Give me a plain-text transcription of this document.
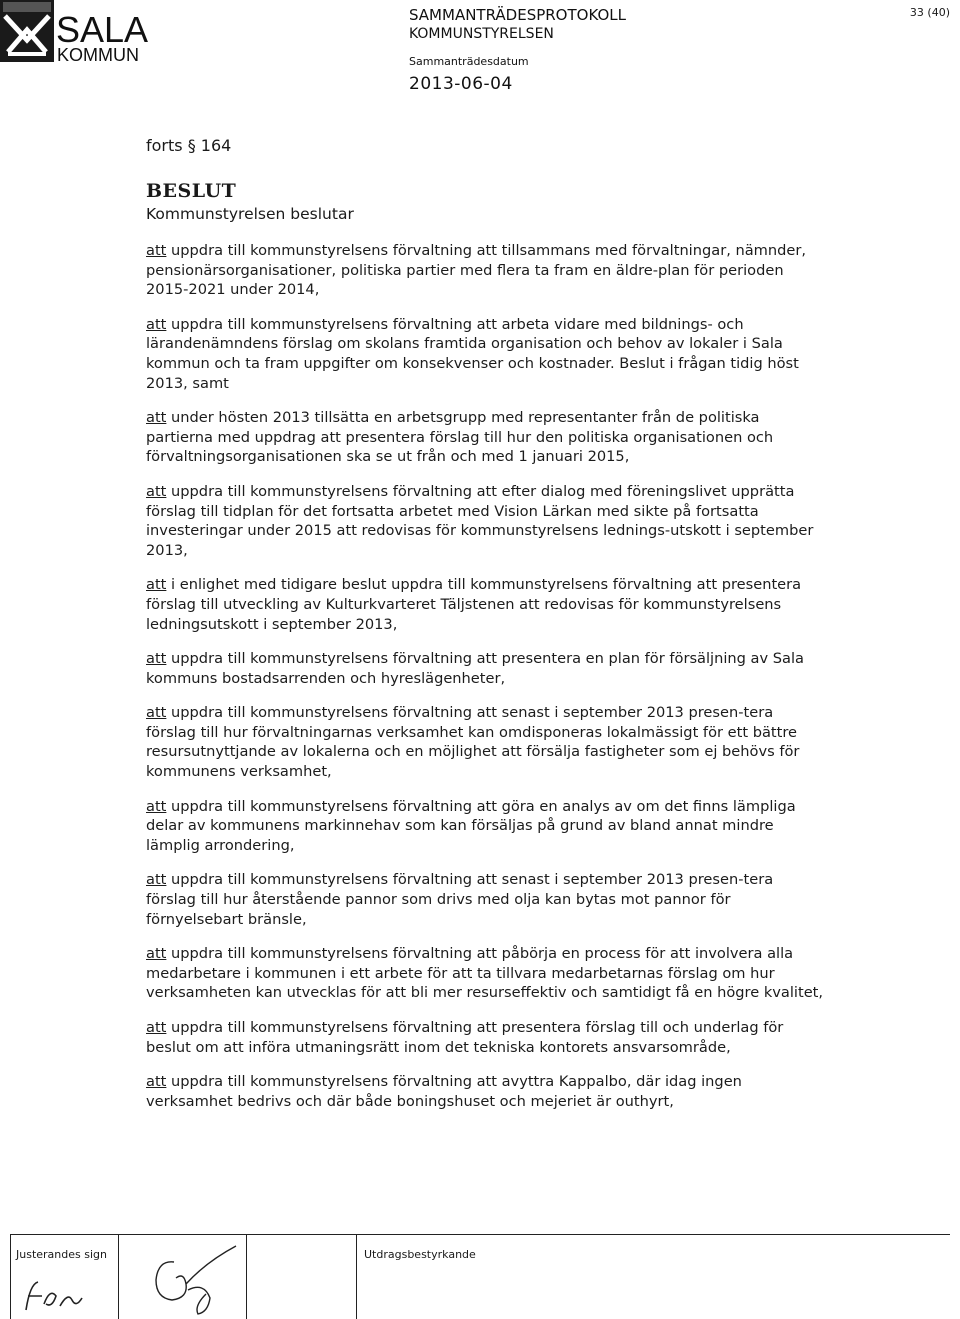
SALA
KOMMUN
SAMMANTRÄDESPROTOKOLL
KOMMUNSTYRELSEN
Sammanträdesdatum
2013-06-04
33 (40)
forts § 164
BESLUT
Kommunstyrelsen beslutar

att uppdra till kommunstyrelsens förvaltning att tillsammans med förvaltningar, nämnder, pensionärsorganisationer, politiska partier med flera ta fram en äldre-plan för perioden 2015-2021 under 2014,

att uppdra till kommunstyrelsens förvaltning att arbeta vidare med bildnings- och lärandenämndens förslag om skolans framtida organisation och behov av lokaler i Sala kommun och ta fram uppgifter om konsekvenser och kostnader. Beslut i frågan tidig höst 2013, samt

att under hösten 2013 tillsätta en arbetsgrupp med representanter från de politiska partierna med uppdrag att presentera förslag till hur den politiska organisationen och förvaltningsorganisationen ska se ut från och med 1 januari 2015,

att uppdra till kommunstyrelsens förvaltning att efter dialog med föreningslivet upprätta förslag till tidplan för det fortsatta arbetet med Vision Lärkan med sikte på fortsatta investeringar under 2015 att redovisas för kommunstyrelsens lednings-utskott i september 2013,

att i enlighet med tidigare beslut uppdra till kommunstyrelsens förvaltning att presentera förslag till utveckling av Kulturkvarteret Täljstenen att redovisas för kommunstyrelsens ledningsutskott i september 2013,

att uppdra till kommunstyrelsens förvaltning att presentera en plan för försäljning av Sala kommuns bostadsarrenden och hyreslägenheter,

att uppdra till kommunstyrelsens förvaltning att senast i september 2013 presen-tera förslag till hur förvaltningarnas verksamhet kan omdisponeras lokalmässigt för ett bättre resursutnyttjande av lokalerna och en möjlighet att försälja fastigheter som ej behövs för kommunens verksamhet,

att uppdra till kommunstyrelsens förvaltning att göra en analys av om det finns lämpliga delar av kommunens markinnehav som kan försäljas på grund av bland annat mindre lämplig arrondering,

att uppdra till kommunstyrelsens förvaltning att senast i september 2013 presen-tera förslag till hur återstående pannor som drivs med olja kan bytas mot pannor för förnyelsebart bränsle,

att uppdra till kommunstyrelsens förvaltning att påbörja en process för att involvera alla medarbetare i kommunen i ett arbete för att ta tillvara medarbetarnas förslag om hur verksamheten kan utvecklas för att bli mer resurseffektiv och samtidigt få en högre kvalitet,

att uppdra till kommunstyrelsens förvaltning att presentera förslag till och underlag för beslut om att införa utmaningsrätt inom det tekniska kontorets ansvarsområde,

att uppdra till kommunstyrelsens förvaltning att avyttra Kappalbo, där idag ingen verksamhet bedrivs och där både boningshuset och mejeriet är outhyrt,

Justerandes sign	Utdragsbestyrkande
